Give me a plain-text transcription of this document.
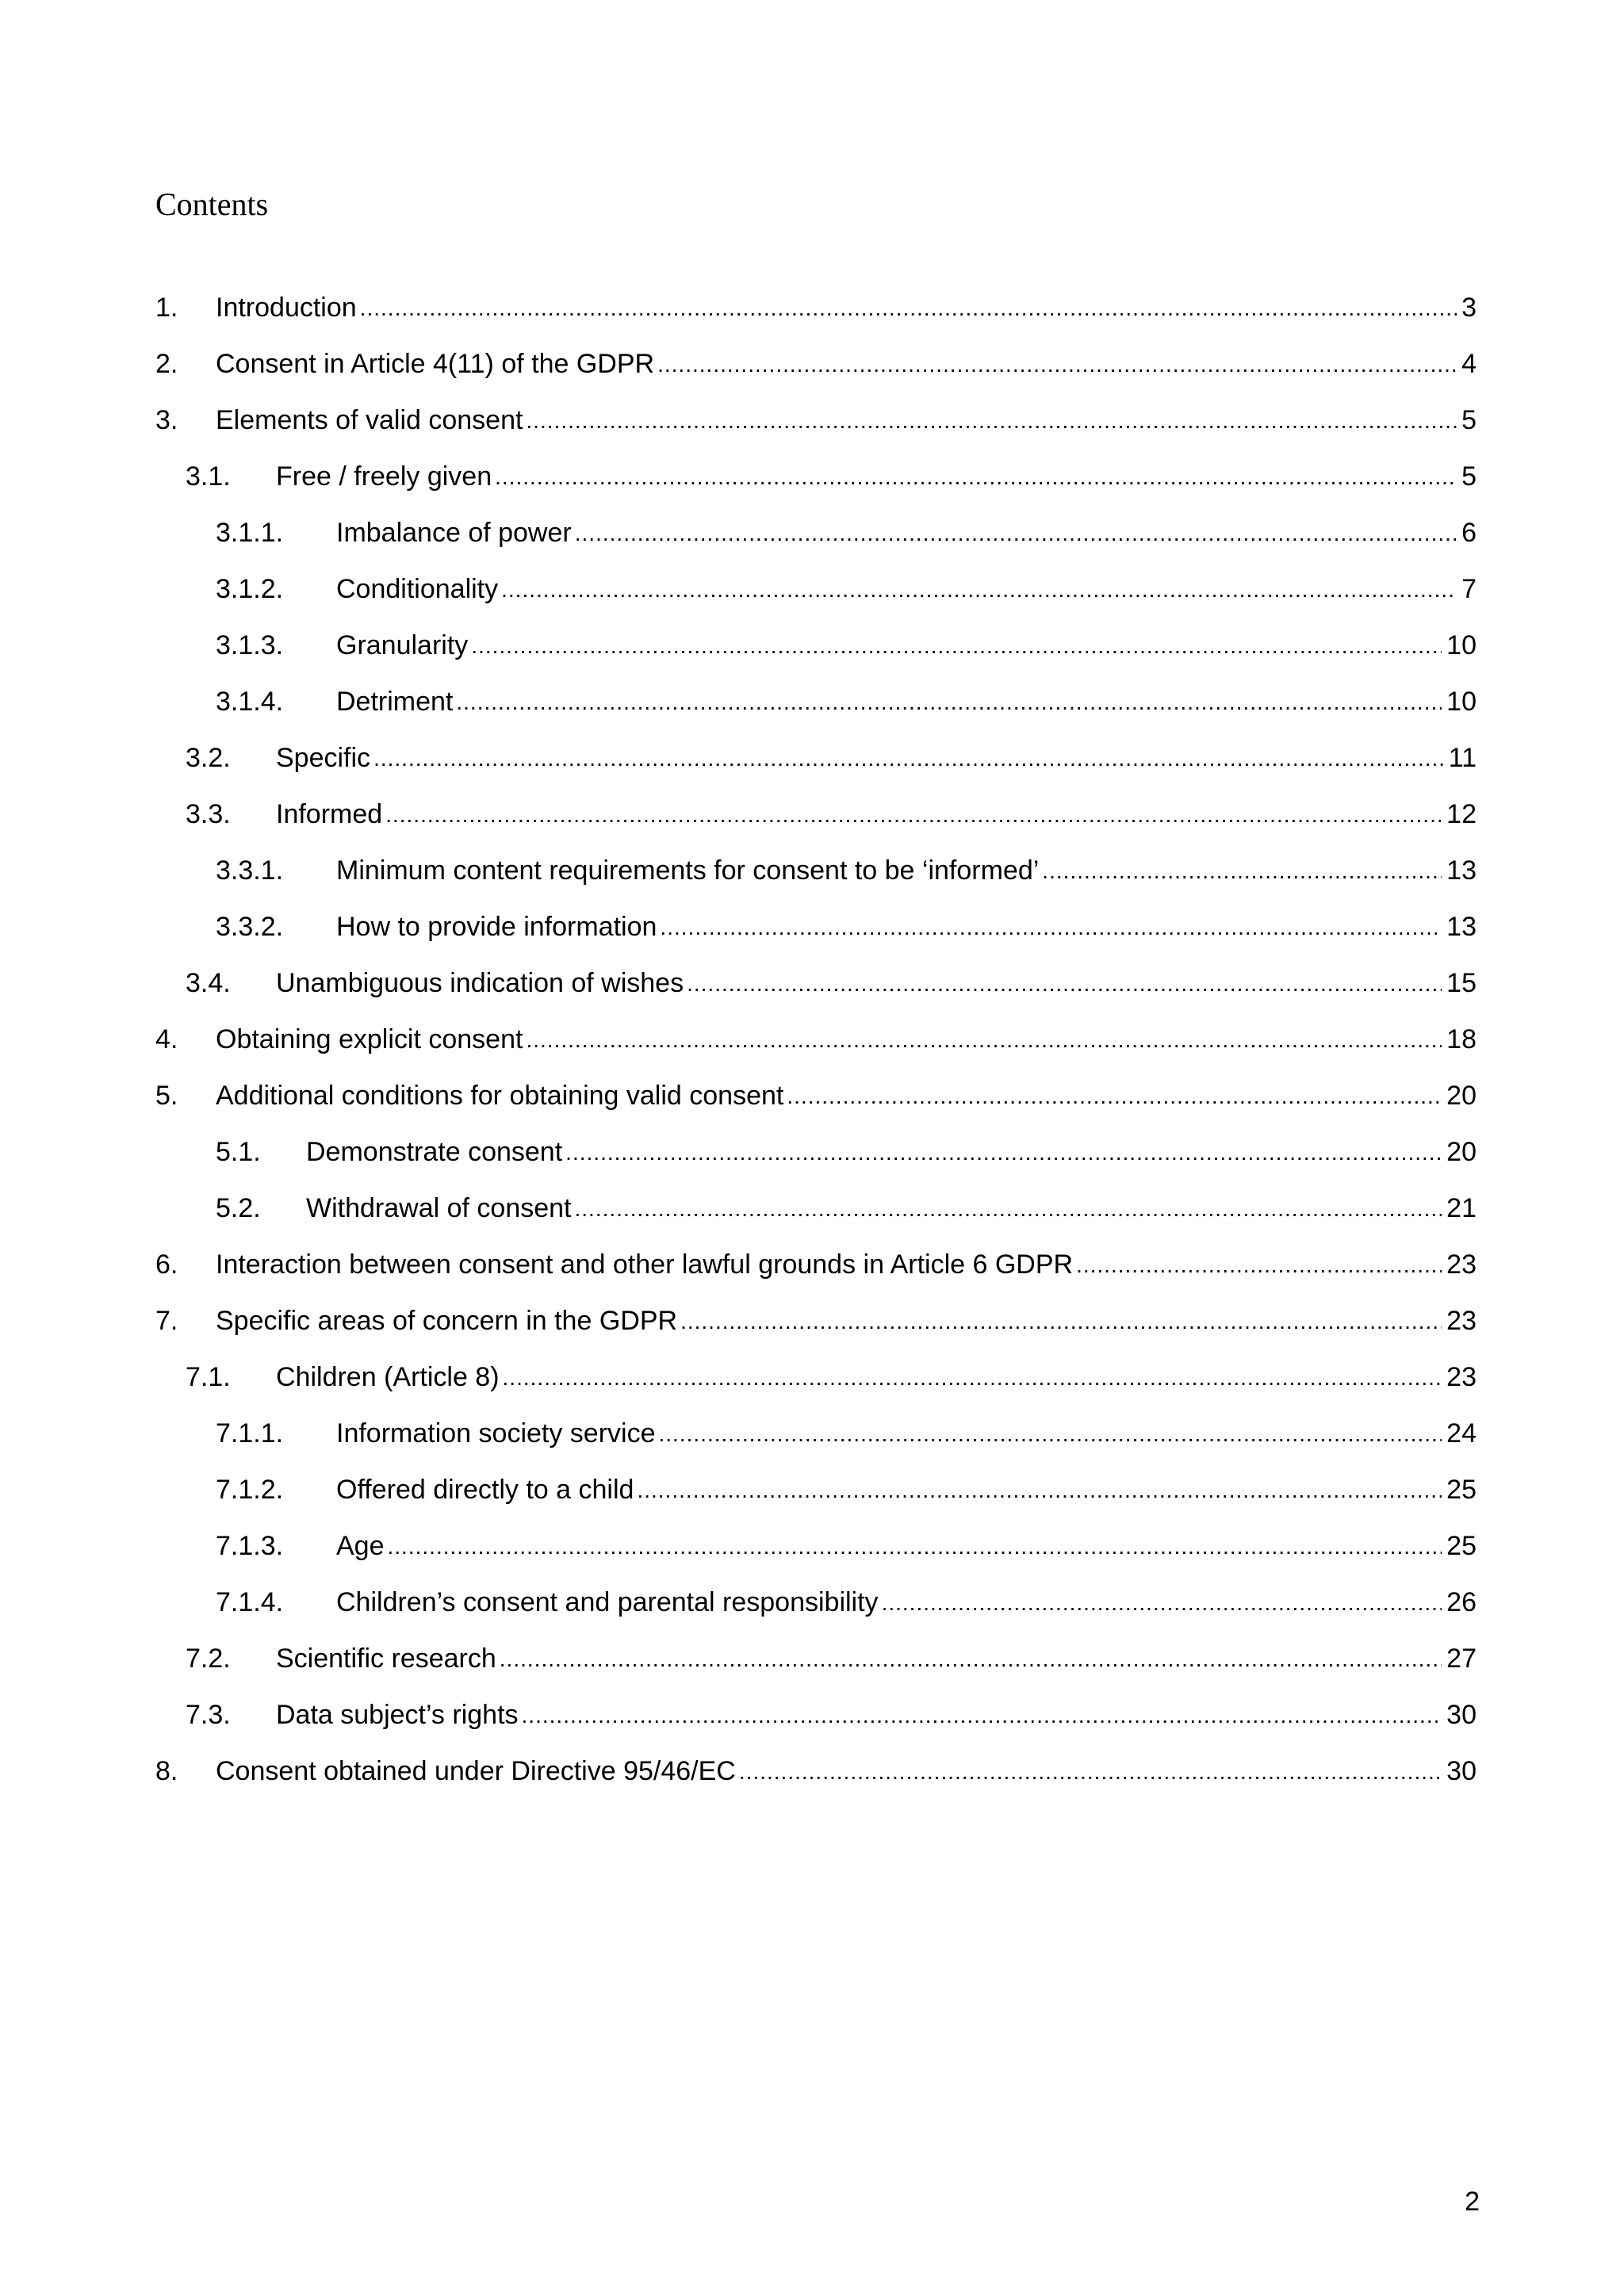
Contents
1.	Introduction .....	3
2.	Consent in Article 4(11) of the GDPR .....	4
3.	Elements of valid consent .....	5
3.1.	Free / freely given .....	5
3.1.1.	Imbalance of power .....	6
3.1.2.	Conditionality .....	7
3.1.3.	Granularity .....	10
3.1.4.	Detriment .....	10
3.2.	Specific .....	11
3.3.	Informed .....	12
3.3.1.	Minimum content requirements for consent to be ‘informed’ .....	13
3.3.2.	How to provide information .....	13
3.4.	Unambiguous indication of wishes .....	15
4.	Obtaining explicit consent .....	18
5.	Additional conditions for obtaining valid consent .....	20
5.1.	Demonstrate consent .....	20
5.2.	Withdrawal of consent .....	21
6.	Interaction between consent and other lawful grounds in Article 6 GDPR .....	23
7.	Specific areas of concern in the GDPR .....	23
7.1.	Children (Article 8) .....	23
7.1.1.	Information society service .....	24
7.1.2.	Offered directly to a child .....	25
7.1.3.	Age .....	25
7.1.4.	Children’s consent and parental responsibility .....	26
7.2.	Scientific research .....	27
7.3.	Data subject’s rights .....	30
8.	Consent obtained under Directive 95/46/EC .....	30
2
